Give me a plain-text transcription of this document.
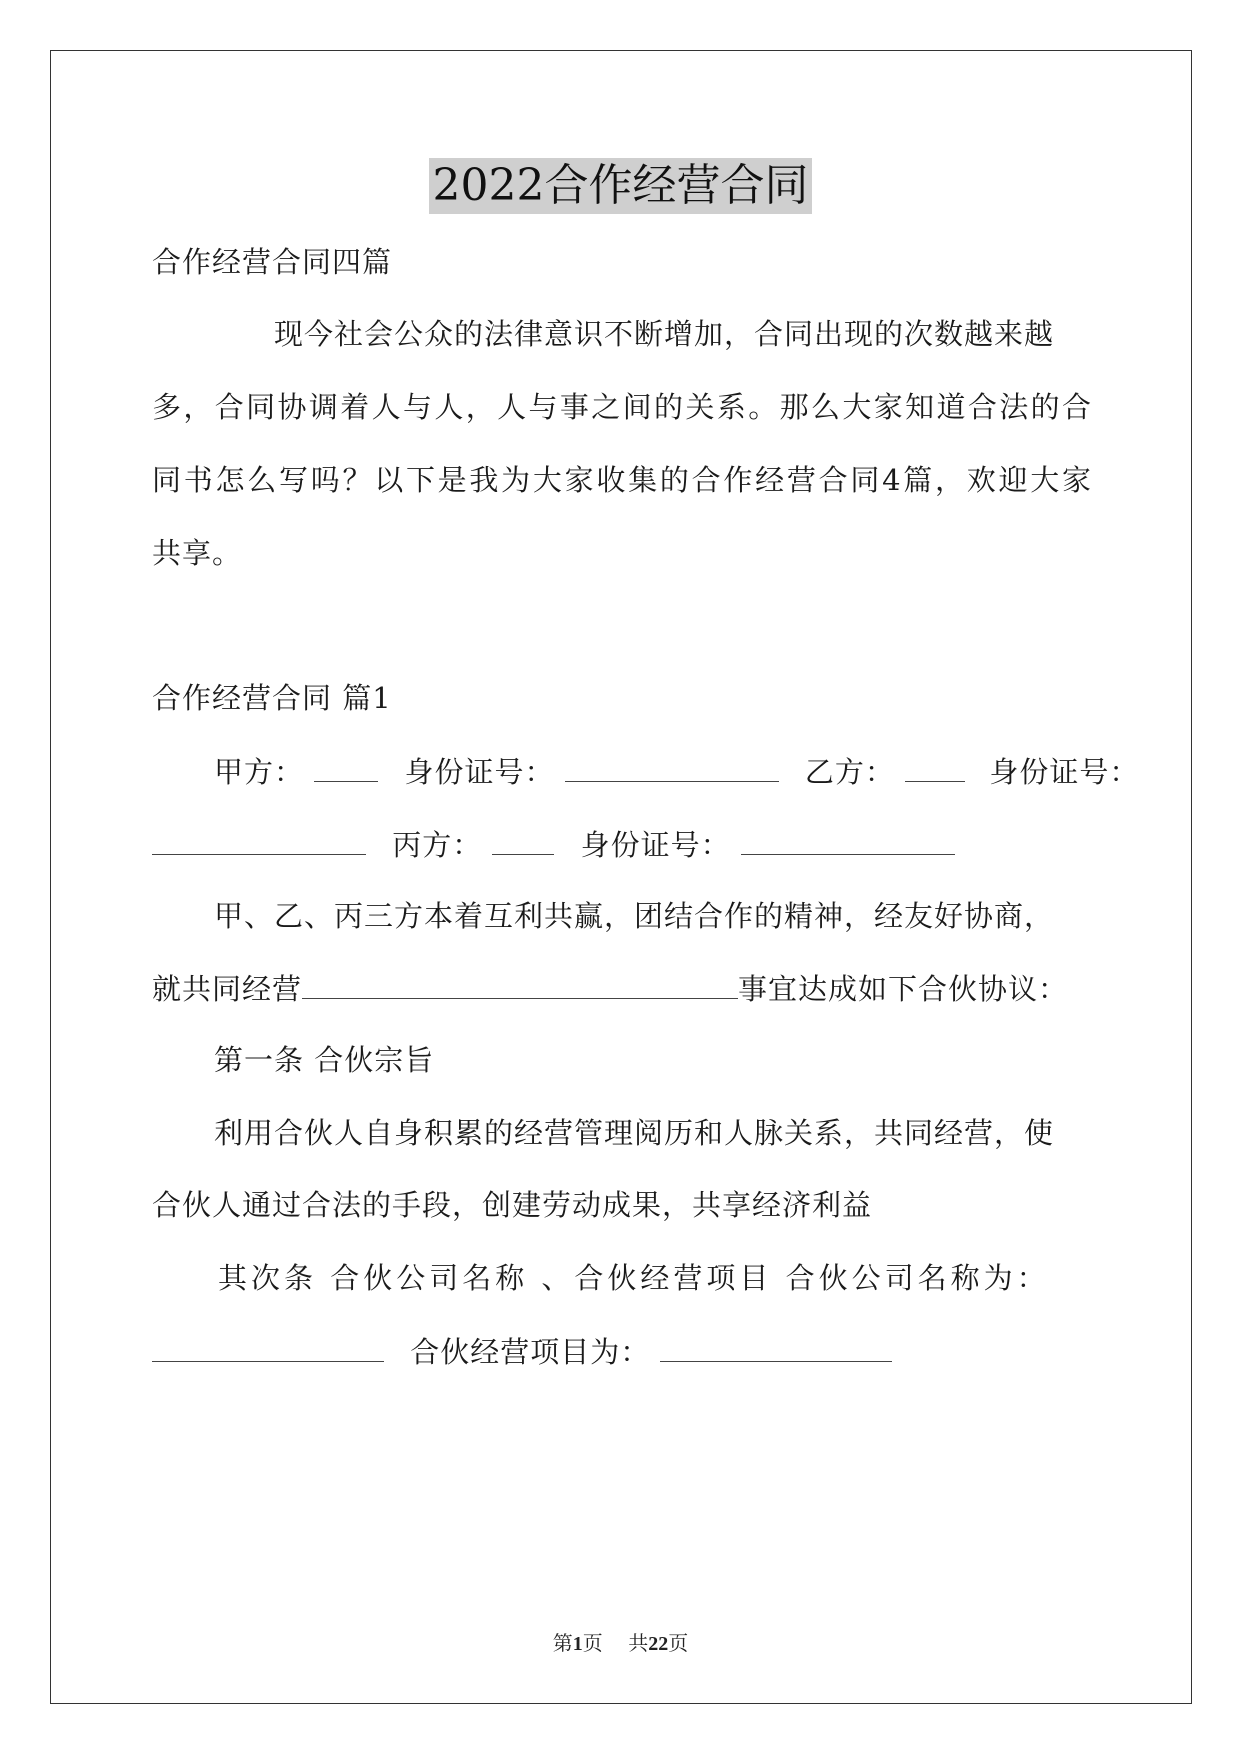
2022合作经营合同
合作经营合同四篇
现今社会公众的法律意识不断增加，合同出现的次数越来越
多，合同协调着人与人，人与事之间的关系。那么大家知道合法的合
同书怎么写吗？以下是我为大家收集的合作经营合同4篇，欢迎大家
共享。
合作经营合同 篇1
甲方：	身份证号：	乙方：	身份证号：
丙方：	身份证号：
甲、乙、丙三方本着互利共赢，团结合作的精神，经友好协商，
就共同经营	事宜达成如下合伙协议：
第一条 合伙宗旨
利用合伙人自身积累的经营管理阅历和人脉关系，共同经营，使
合伙人通过合法的手段，创建劳动成果，共享经济利益
其次条 合伙公司名称 、合伙经营项目 合伙公司名称为：
合伙经营项目为：
第1页 共22页
